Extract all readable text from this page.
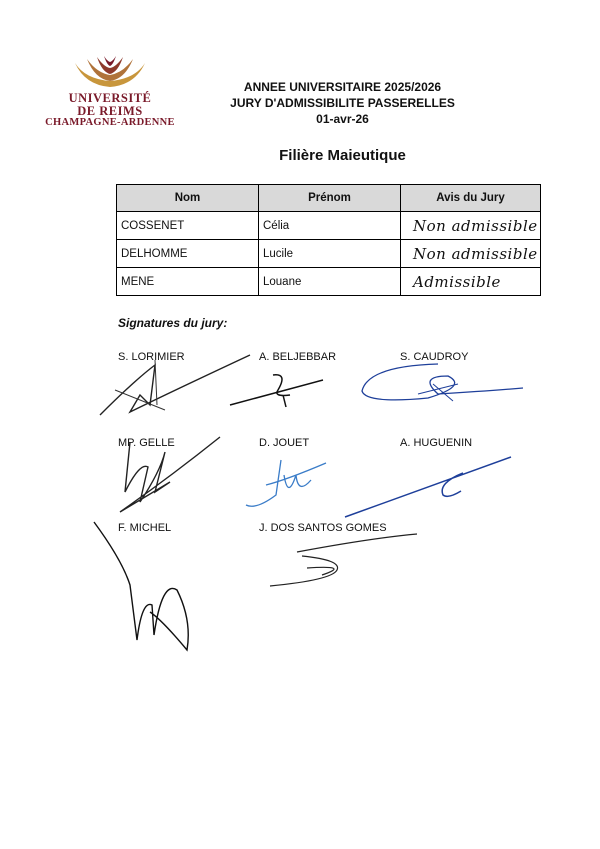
UNIVERSITÉ
DE REIMS
CHAMPAGNE-ARDENNE
ANNEE UNIVERSITAIRE 2025/2026
JURY D'ADMISSIBILITE PASSERELLES
01-avr-26
Filière Maieutique
Nom	Prénom	Avis du Jury
COSSENET	Célia	Non admissible
DELHOMME	Lucile	Non admissible
MENE	Louane	Admissible
Signatures du jury:
S. LORIMIER	A. BELJEBBAR	S. CAUDROY
MP. GELLE	D. JOUET	A. HUGUENIN
F. MICHEL	J. DOS SANTOS GOMES
